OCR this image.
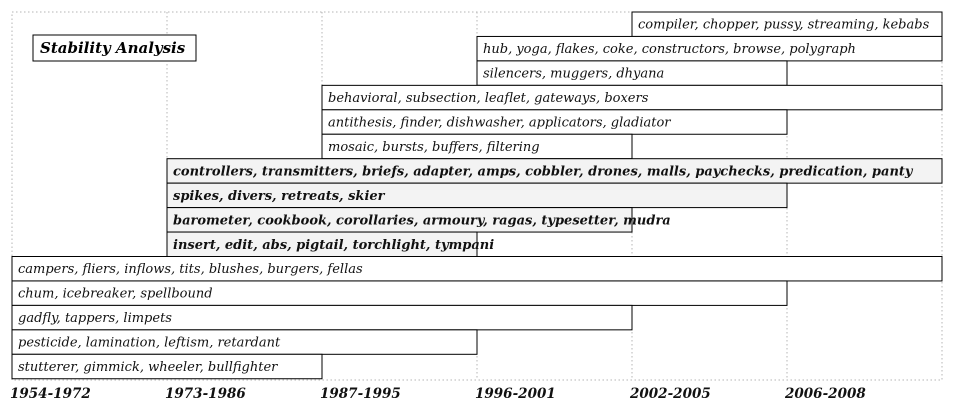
compiler, chopper, pussy, streaming, kebabs
hub, yoga, flakes, coke, constructors, browse, polygraph
silencers, muggers, dhyana
behavioral, subsection, leaflet, gateways, boxers
antithesis, finder, dishwasher, applicators, gladiator
mosaic, bursts, buffers, filtering
controllers, transmitters, briefs, adapter, amps, cobbler, drones, malls, paychecks, predication, panty
spikes, divers, retreats, skier
barometer, cookbook, corollaries, armoury, ragas, typesetter, mudra
insert, edit, abs, pigtail, torchlight, tympani
campers, fliers, inflows, tits, blushes, burgers, fellas
chum, icebreaker, spellbound
gadfly, tappers, limpets
pesticide, lamination, leftism, retardant
stutterer, gimmick, wheeler, bullfighter
Stability Analysis
1954-1972	1973-1986	1987-1995	1996-2001	2002-2005	2006-2008
